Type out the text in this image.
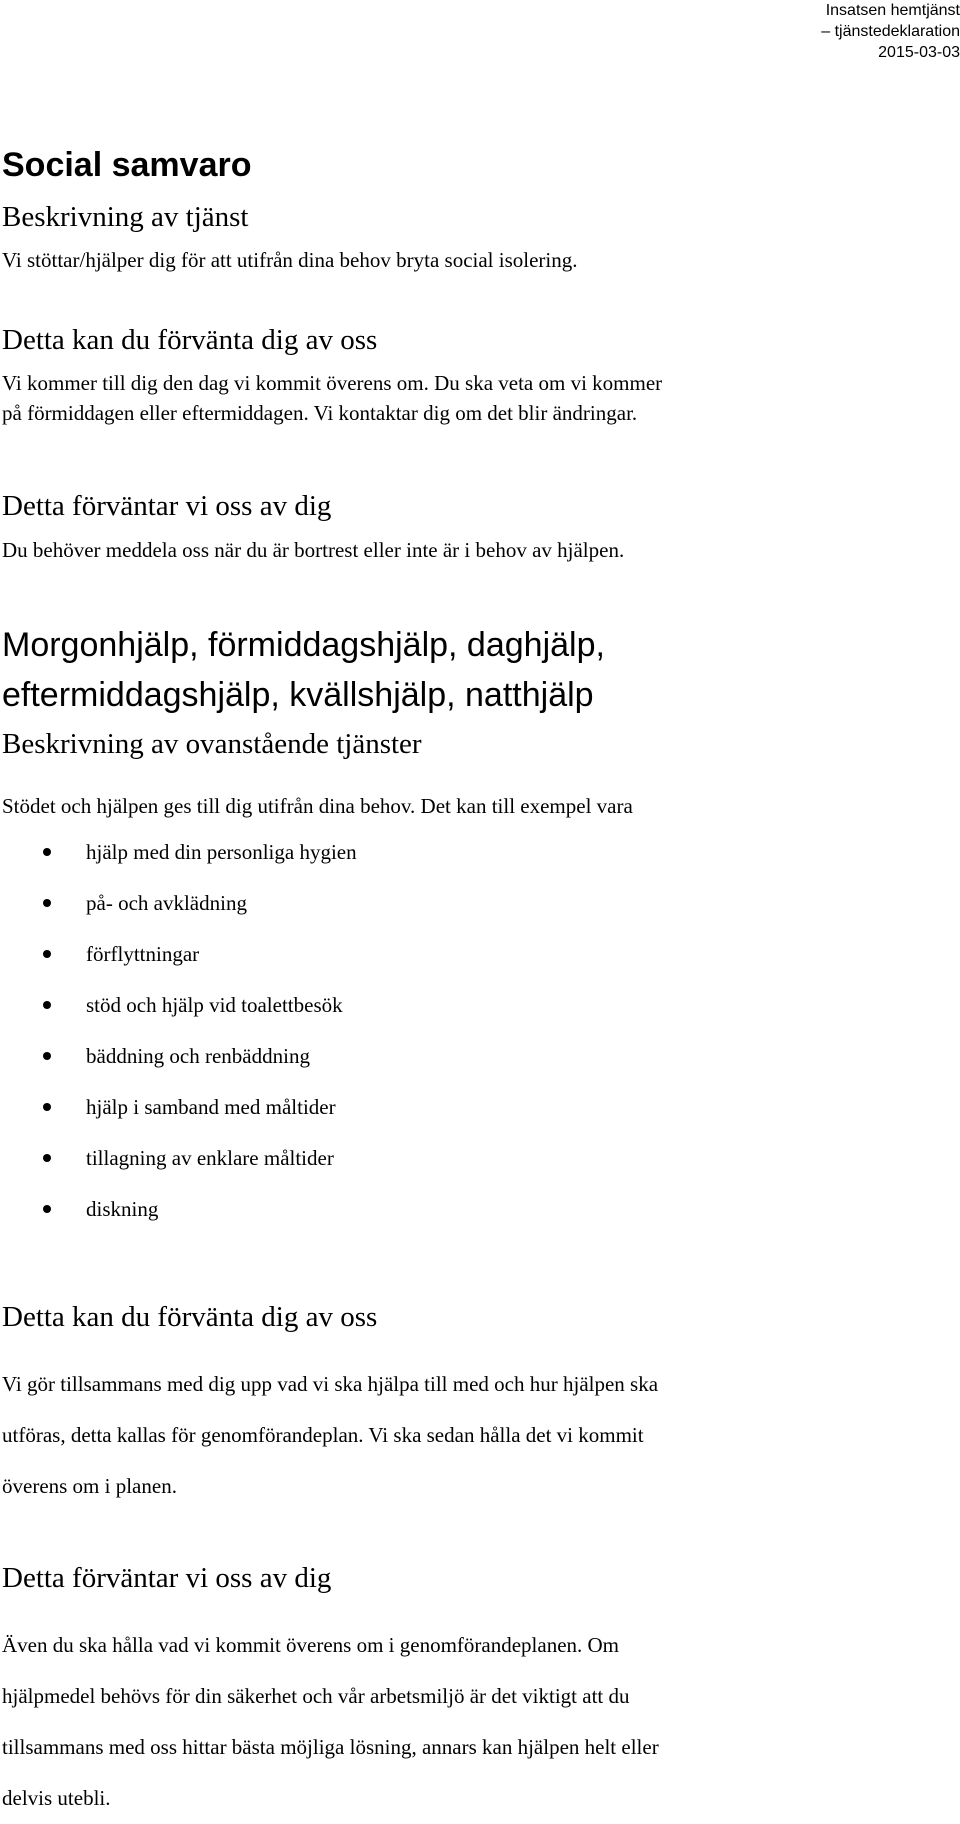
Insatsen hemtjänst
– tjänstedeklaration
2015-03-03
Social samvaro
Beskrivning av tjänst
Vi stöttar/hjälper dig för att utifrån dina behov bryta social isolering.
Detta kan du förvänta dig av oss
Vi kommer till dig den dag vi kommit överens om. Du ska veta om vi kommer
på förmiddagen eller eftermiddagen. Vi kontaktar dig om det blir ändringar.
Detta förväntar vi oss av dig
Du behöver meddela oss när du är bortrest eller inte är i behov av hjälpen.
Morgonhjälp, förmiddagshjälp, daghjälp,
eftermiddagshjälp, kvällshjälp, natthjälp
Beskrivning av ovanstående tjänster
Stödet och hjälpen ges till dig utifrån dina behov. Det kan till exempel vara
hjälp med din personliga hygien
på- och avklädning
förflyttningar
stöd och hjälp vid toalettbesök
bäddning och renbäddning
hjälp i samband med måltider
tillagning av enklare måltider
diskning
Detta kan du förvänta dig av oss
Vi gör tillsammans med dig upp vad vi ska hjälpa till med och hur hjälpen ska
utföras, detta kallas för genomförandeplan. Vi ska sedan hålla det vi kommit
överens om i planen.
Detta förväntar vi oss av dig
Även du ska hålla vad vi kommit överens om i genomförandeplanen. Om
hjälpmedel behövs för din säkerhet och vår arbetsmiljö är det viktigt att du
tillsammans med oss hittar bästa möjliga lösning, annars kan hjälpen helt eller
delvis utebli.
